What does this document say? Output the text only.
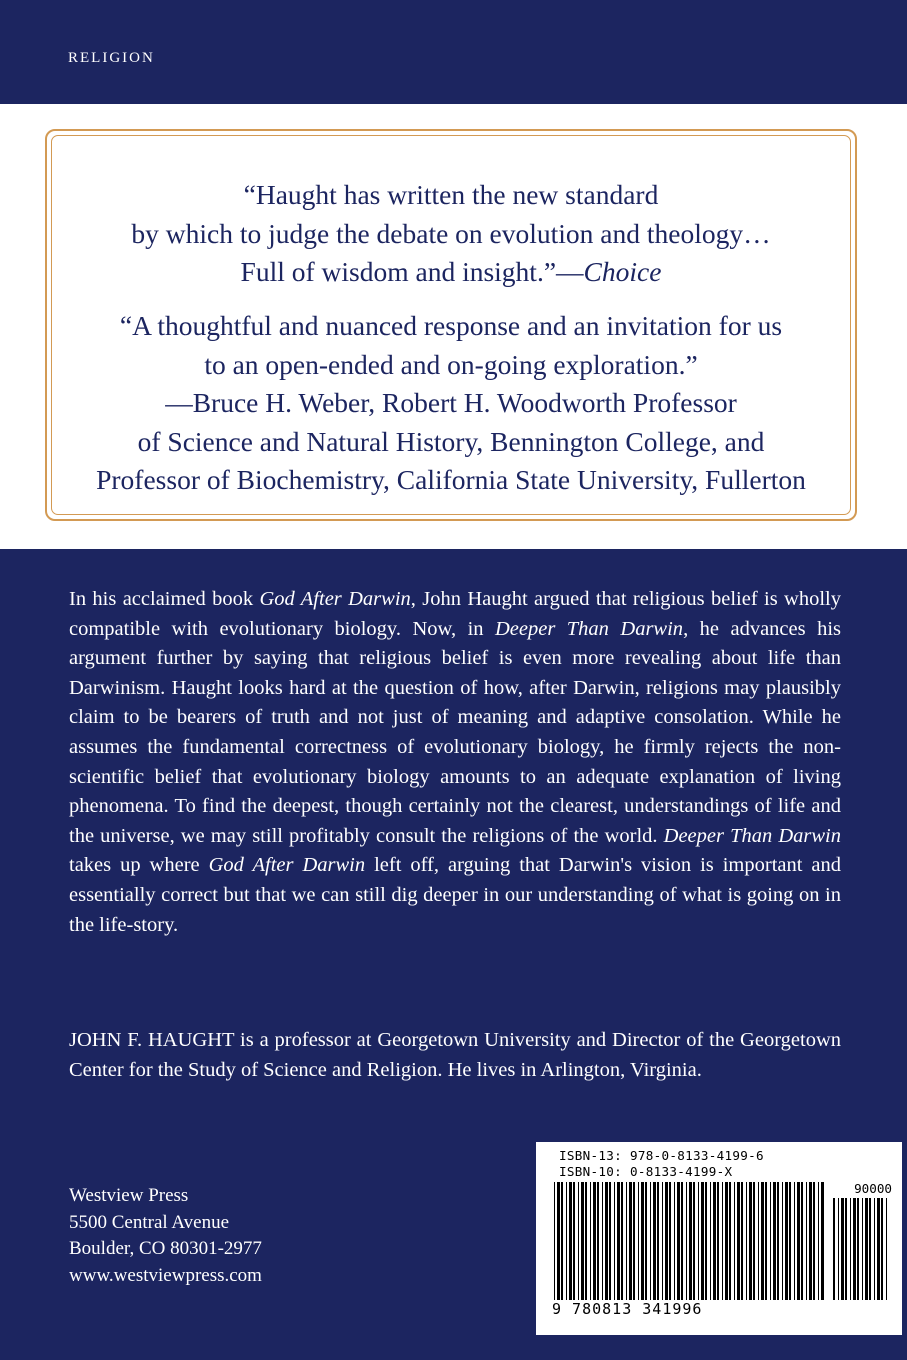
RELIGION
“Haught has written the new standard
by which to judge the debate on evolution and theology…
Full of wisdom and insight.”—Choice
“A thoughtful and nuanced response and an invitation for us
to an open-ended and on-going exploration.”
—Bruce H. Weber, Robert H. Woodworth Professor
of Science and Natural History, Bennington College, and
Professor of Biochemistry, California State University, Fullerton
In his acclaimed book God After Darwin, John Haught argued that religious belief is wholly compatible with evolutionary biology. Now, in Deeper Than Darwin, he advances his argument further by saying that religious belief is even more revealing about life than Darwinism. Haught looks hard at the question of how, after Darwin, religions may plausibly claim to be bearers of truth and not just of meaning and adaptive consolation. While he assumes the fundamental correctness of evolutionary biology, he firmly rejects the non-scientific belief that evolutionary biology amounts to an adequate explanation of living phenomena. To find the deepest, though certainly not the clearest, understandings of life and the universe, we may still profitably consult the religions of the world. Deeper Than Darwin takes up where God After Darwin left off, arguing that Darwin's vision is important and essentially correct but that we can still dig deeper in our understanding of what is going on in the life-story.
JOHN F. HAUGHT is a professor at Georgetown University and Director of the Georgetown Center for the Study of Science and Religion. He lives in Arlington, Virginia.
Westview Press
5500 Central Avenue
Boulder, CO 80301-2977
www.westviewpress.com
ISBN-13: 978-0-8133-4199-6
ISBN-10: 0-8133-4199-X
90000
9 780813 341996
